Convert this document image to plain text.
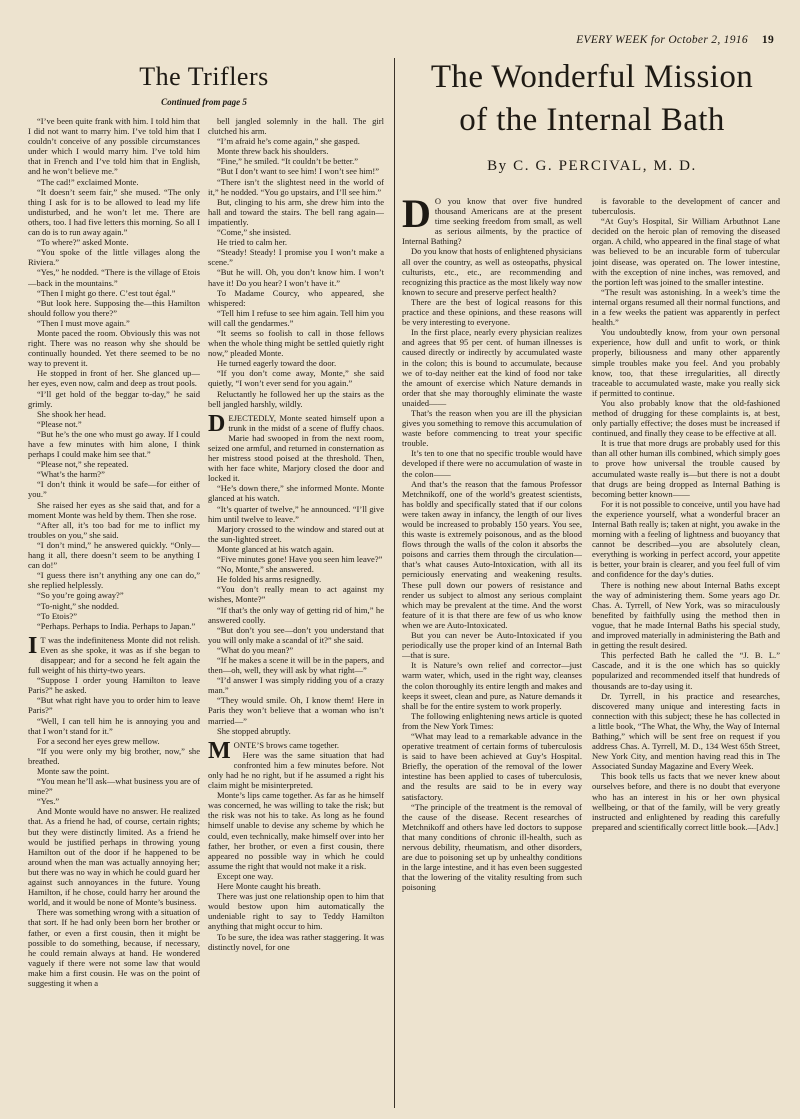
EVERY WEEK for October 2, 1916 19
The Triflers
Continued from page 5

“I’ve been quite frank with him. I told him that I did not want to marry him. I’ve told him that I couldn’t conceive of any possible circumstances under which I would marry him. I’ve told him that in French and I’ve told him that in English, and he won’t believe me.”

“The cad!” exclaimed Monte.

“It doesn’t seem fair,” she mused. “The only thing I ask for is to be allowed to lead my life undisturbed, and he won’t let me. There are others, too. I had five letters this morning. So all I can do is to run away again.”

“To where?” asked Monte.

“You spoke of the little villages along the Riviera.”

“Yes,” he nodded. “There is the village of Etois—back in the mountains.”

“Then I might go there. C’est tout égal.”

“But look here. Supposing the—this Hamilton should follow you there?”

“Then I must move again.”

Monte paced the room. Obviously this was not right. There was no reason why she should be continually hounded. Yet there seemed to be no way to prevent it.

He stopped in front of her. She glanced up—her eyes, even now, calm and deep as trout pools.

“I’ll get hold of the beggar to-day,” he said grimly.

She shook her head.

“Please not.”

“But he’s the one who must go away. If I could have a few minutes with him alone, I think perhaps I could make him see that.”

“Please not,” she repeated.

“What’s the harm?”

“I don’t think it would be safe—for either of you.”

She raised her eyes as she said that, and for a moment Monte was held by them. Then she rose.

“After all, it’s too bad for me to inflict my troubles on you,” she said.

“I don’t mind,” he answered quickly. “Only—hang it all, there doesn’t seem to be anything I can do!”

“I guess there isn’t anything any one can do,” she replied helplessly.

“So you’re going away?”

“To-night,” she nodded.

“To Etois?”

“Perhaps. Perhaps to India. Perhaps to Japan.”

I T was the indefiniteness Monte did not relish. Even as she spoke, it was as if she began to disappear; and for a second he felt again the full weight of his thirty-two years.

“Suppose I order young Hamilton to leave Paris?” he asked.

“But what right have you to order him to leave Paris?”

“Well, I can tell him he is annoying you and that I won’t stand for it.”

For a second her eyes grew mellow.

“If you were only my big brother, now,” she breathed.

Monte saw the point.

“You mean he’ll ask—what business you are of mine?”

“Yes.”

And Monte would have no answer. He realized that. As a friend he had, of course, certain rights; but they were distinctly limited. As a friend he would be justified perhaps in throwing young Hamilton out of the door if he happened to be around when the man was actually annoying her; but there was no way in which he could guard her against such annoyances in the future. Young Hamilton, if he chose, could harry her around the world, and it would be none of Monte’s business.

There was something wrong with a situation of that sort. If he had only been born her brother or father, or even a first cousin, then it might be possible to do something, because, if necessary, he could remain always at hand. He wondered vaguely if there were not some law that would make him a first cousin. He was on the point of suggesting it when a

bell jangled solemnly in the hall. The girl clutched his arm.

“I’m afraid he’s come again,” she gasped.

Monte threw back his shoulders.

“Fine,” he smiled. “It couldn’t be better.”

“But I don’t want to see him! I won’t see him!”

“There isn’t the slightest need in the world of it,” he nodded. “You go upstairs, and I’ll see him.”

But, clinging to his arm, she drew him into the hall and toward the stairs. The bell rang again—impatiently.

“Come,” she insisted.

He tried to calm her.

“Steady! Steady! I promise you I won’t make a scene.”

“But he will. Oh, you don’t know him. I won’t have it! Do you hear? I won’t have it.”

To Madame Courcy, who appeared, she whispered:

“Tell him I refuse to see him again. Tell him you will call the gendarmes.”

“It seems so foolish to call in those fellows when the whole thing might be settled quietly right now,” pleaded Monte.

He turned eagerly toward the door.

“If you don’t come away, Monte,” she said quietly, “I won’t ever send for you again.”

Reluctantly he followed her up the stairs as the bell jangled harshly, wildly.

DEJECTEDLY, Monte seated himself upon a trunk in the midst of a scene of fluffy chaos. Marie had swooped in from the next room, seized one armful, and returned in consternation as her mistress stood poised at the threshold. Then, with her face white, Marjory closed the door and locked it.

“He’s down there,” she informed Monte. Monte glanced at his watch.

“It’s quarter of twelve,” he announced. “I’ll give him until twelve to leave.”

Marjory crossed to the window and stared out at the sun-lighted street.

Monte glanced at his watch again.

“Five minutes gone! Have you seen him leave?”

“No, Monte,” she answered.

He folded his arms resignedly.

“You don’t really mean to act against my wishes, Monte?”

“If that’s the only way of getting rid of him,” he answered coolly.

“But don’t you see—don’t you understand that you will only make a scandal of it?” she said.

“What do you mean?”

“If he makes a scene it will be in the papers, and then—oh, well, they will ask by what right—”

“I’d answer I was simply ridding you of a crazy man.”

“They would smile. Oh, I know them! Here in Paris they won’t believe that a woman who isn’t married—”

She stopped abruptly.

MONTE’S brows came together.

Here was the same situation that had confronted him a few minutes before. Not only had he no right, but if he assumed a right his claim might be misinterpreted.

Monte’s lips came together. As far as he himself was concerned, he was willing to take the risk; but the risk was not his to take. As long as he found himself unable to devise any scheme by which he could, even technically, make himself over into her father, her brother, or even a first cousin, there appeared no possible way in which he could assume the right that would not make it a risk.

Except one way.

Here Monte caught his breath.

There was just one relationship open to him that would bestow upon him automatically the undeniable right to say to Teddy Hamilton anything that might occur to him.

To be sure, the idea was rather staggering. It was distinctly novel, for one

The Wonderful Mission
of the Internal Bath
By C. G. PERCIVAL, M. D.

D O you know that over five hundred thousand Americans are at the present time seeking freedom from small, as well as serious ailments, by the practice of Internal Bathing?

Do you know that hosts of enlightened physicians all over the country, as well as osteopaths, physical culturists, etc., etc., are recommending and recognizing this practice as the most likely way now known to secure and preserve perfect health?

There are the best of logical reasons for this practice and these opinions, and these reasons will be very interesting to everyone.

In the first place, nearly every physician realizes and agrees that 95 per cent. of human illnesses is caused directly or indirectly by accumulated waste in the colon; this is bound to accumulate, because we of to-day neither eat the kind of food nor take the amount of exercise which Nature demands in order that she may thoroughly eliminate the waste unaided——

That’s the reason when you are ill the physician gives you something to remove this accumulation of waste before commencing to treat your specific trouble.

It’s ten to one that no specific trouble would have developed if there were no accumulation of waste in the colon——

And that’s the reason that the famous Professor Metchnikoff, one of the world’s greatest scientists, has boldly and specifically stated that if our colons were taken away in infancy, the length of our lives would be increased to probably 150 years. You see, this waste is extremely poisonous, and as the blood flows through the walls of the colon it absorbs the poisons and carries them through the circulation—that’s what causes Auto-Intoxication, with all its perniciously enervating and weakening results. These pull down our powers of resistance and render us subject to almost any serious complaint which may be prevalent at the time. And the worst feature of it is that there are few of us who know when we are Auto-Intoxicated.

But you can never be Auto-Intoxicated if you periodically use the proper kind of an Internal Bath—that is sure.

It is Nature’s own relief and corrector—just warm water, which, used in the right way, cleanses the colon thoroughly its entire length and makes and keeps it sweet, clean and pure, as Nature demands it shall be for the entire system to work properly.

The following enlightening news article is quoted from the New York Times:

“What may lead to a remarkable advance in the operative treatment of certain forms of tuberculosis is said to have been achieved at Guy’s Hospital. Briefly, the operation of the removal of the lower intestine has been applied to cases of tuberculosis, and the results are said to be in every way satisfactory.

“The principle of the treatment is the removal of the cause of the disease. Recent researches of Metchnikoff and others have led doctors to suppose that many conditions of chronic ill-health, such as nervous debility, rheumatism, and other disorders, are due to poisoning set up by unhealthy conditions in the large intestine, and it has even been suggested that the lowering of the vitality resulting from such poisoning

is favorable to the development of cancer and tuberculosis.

“At Guy’s Hospital, Sir William Arbuthnot Lane decided on the heroic plan of removing the diseased organ. A child, who appeared in the final stage of what was believed to be an incurable form of tubercular joint disease, was operated on. The lower intestine, with the exception of nine inches, was removed, and the portion left was joined to the smaller intestine.

“The result was astonishing. In a week’s time the internal organs resumed all their normal functions, and in a few weeks the patient was apparently in perfect health.”

You undoubtedly know, from your own personal experience, how dull and unfit to work, or think properly, biliousness and many other apparently simple troubles make you feel. And you probably know, too, that these irregularities, all directly traceable to accumulated waste, make you really sick if permitted to continue.

You also probably know that the old-fashioned method of drugging for these complaints is, at best, only partially effective; the doses must be increased if continued, and finally they cease to be effective at all.

It is true that more drugs are probably used for this than all other human ills combined, which simply goes to prove how universal the trouble caused by accumulated waste really is—but there is not a doubt that drugs are being dropped as Internal Bathing is becoming better known——

For it is not possible to conceive, until you have had the experience yourself, what a wonderful bracer an Internal Bath really is; taken at night, you awake in the morning with a feeling of lightness and buoyancy that cannot be described—you are absolutely clean, everything is working in perfect accord, your appetite is better, your brain is clearer, and you feel full of vim and confidence for the day’s duties.

There is nothing new about Internal Baths except the way of administering them. Some years ago Dr. Chas. A. Tyrrell, of New York, was so miraculously benefited by faithfully using the method then in vogue, that he made Internal Baths his special study, and improved materially in administering the Bath and in getting the result desired.

This perfected Bath he called the “J. B. L.” Cascade, and it is the one which has so quickly popularized and recommended itself that hundreds of thousands are to-day using it.

Dr. Tyrrell, in his practice and researches, discovered many unique and interesting facts in connection with this subject; these he has collected in a little book, “The What, the Why, the Way of Internal Bathing,” which will be sent free on request if you address Chas. A. Tyrrell, M. D., 134 West 65th Street, New York City, and mention having read this in The Associated Sunday Magazine and Every Week.

This book tells us facts that we never knew about ourselves before, and there is no doubt that everyone who has an interest in his or her own physical wellbeing, or that of the family, will be very greatly instructed and enlightened by reading this carefully prepared and scientifically correct little book.—[Adv.]
